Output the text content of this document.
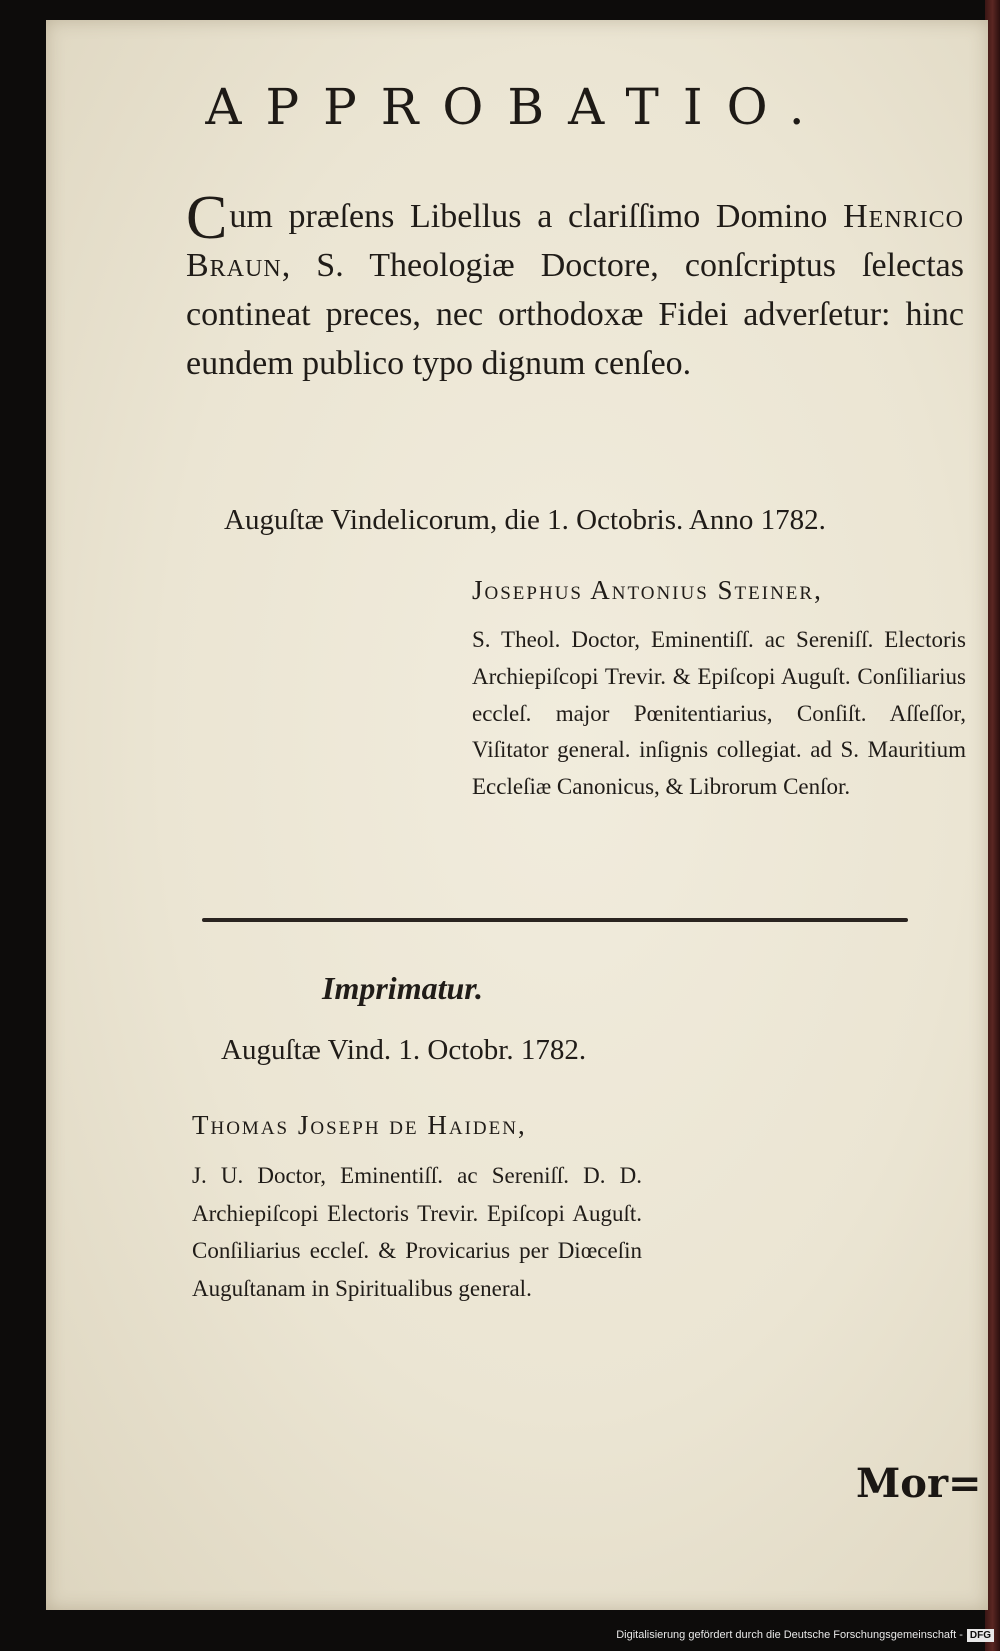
APPROBATIO.

Cum præſens Libellus a clariſſimo Domino Henrico Braun, S. Theologiæ Doctore, conſcriptus ſelectas contineat preces, nec orthodoxæ Fidei adverſetur: hinc eundem publico typo dignum cenſeo.

Auguſtæ Vindelicorum, die 1. Octobris. Anno 1782.

Josephus Antonius Steiner,

S. Theol. Doctor, Eminentiſſ. ac Sereniſſ. Electoris Archiepiſcopi Trevir. & Epiſcopi Auguſt. Conſiliarius eccleſ. major Pœnitentiarius, Conſiſt. Aſſeſſor, Viſitator general. inſignis collegiat. ad S. Mauritium Eccleſiæ Canonicus, & Librorum Cenſor.

Imprimatur.

Auguſtæ Vind. 1. Octobr. 1782.

Thomas Joseph de Haiden,

J. U. Doctor, Eminentiſſ. ac Sereniſſ. D. D. Archiepiſcopi Electoris Trevir. Epiſcopi Auguſt. Conſiliarius eccleſ. & Provicarius per Diœceſin Auguſtanam in Spiritualibus general.

Mor=

Digitalisierung gefördert durch die Deutsche Forschungsgemeinschaft - DFG
